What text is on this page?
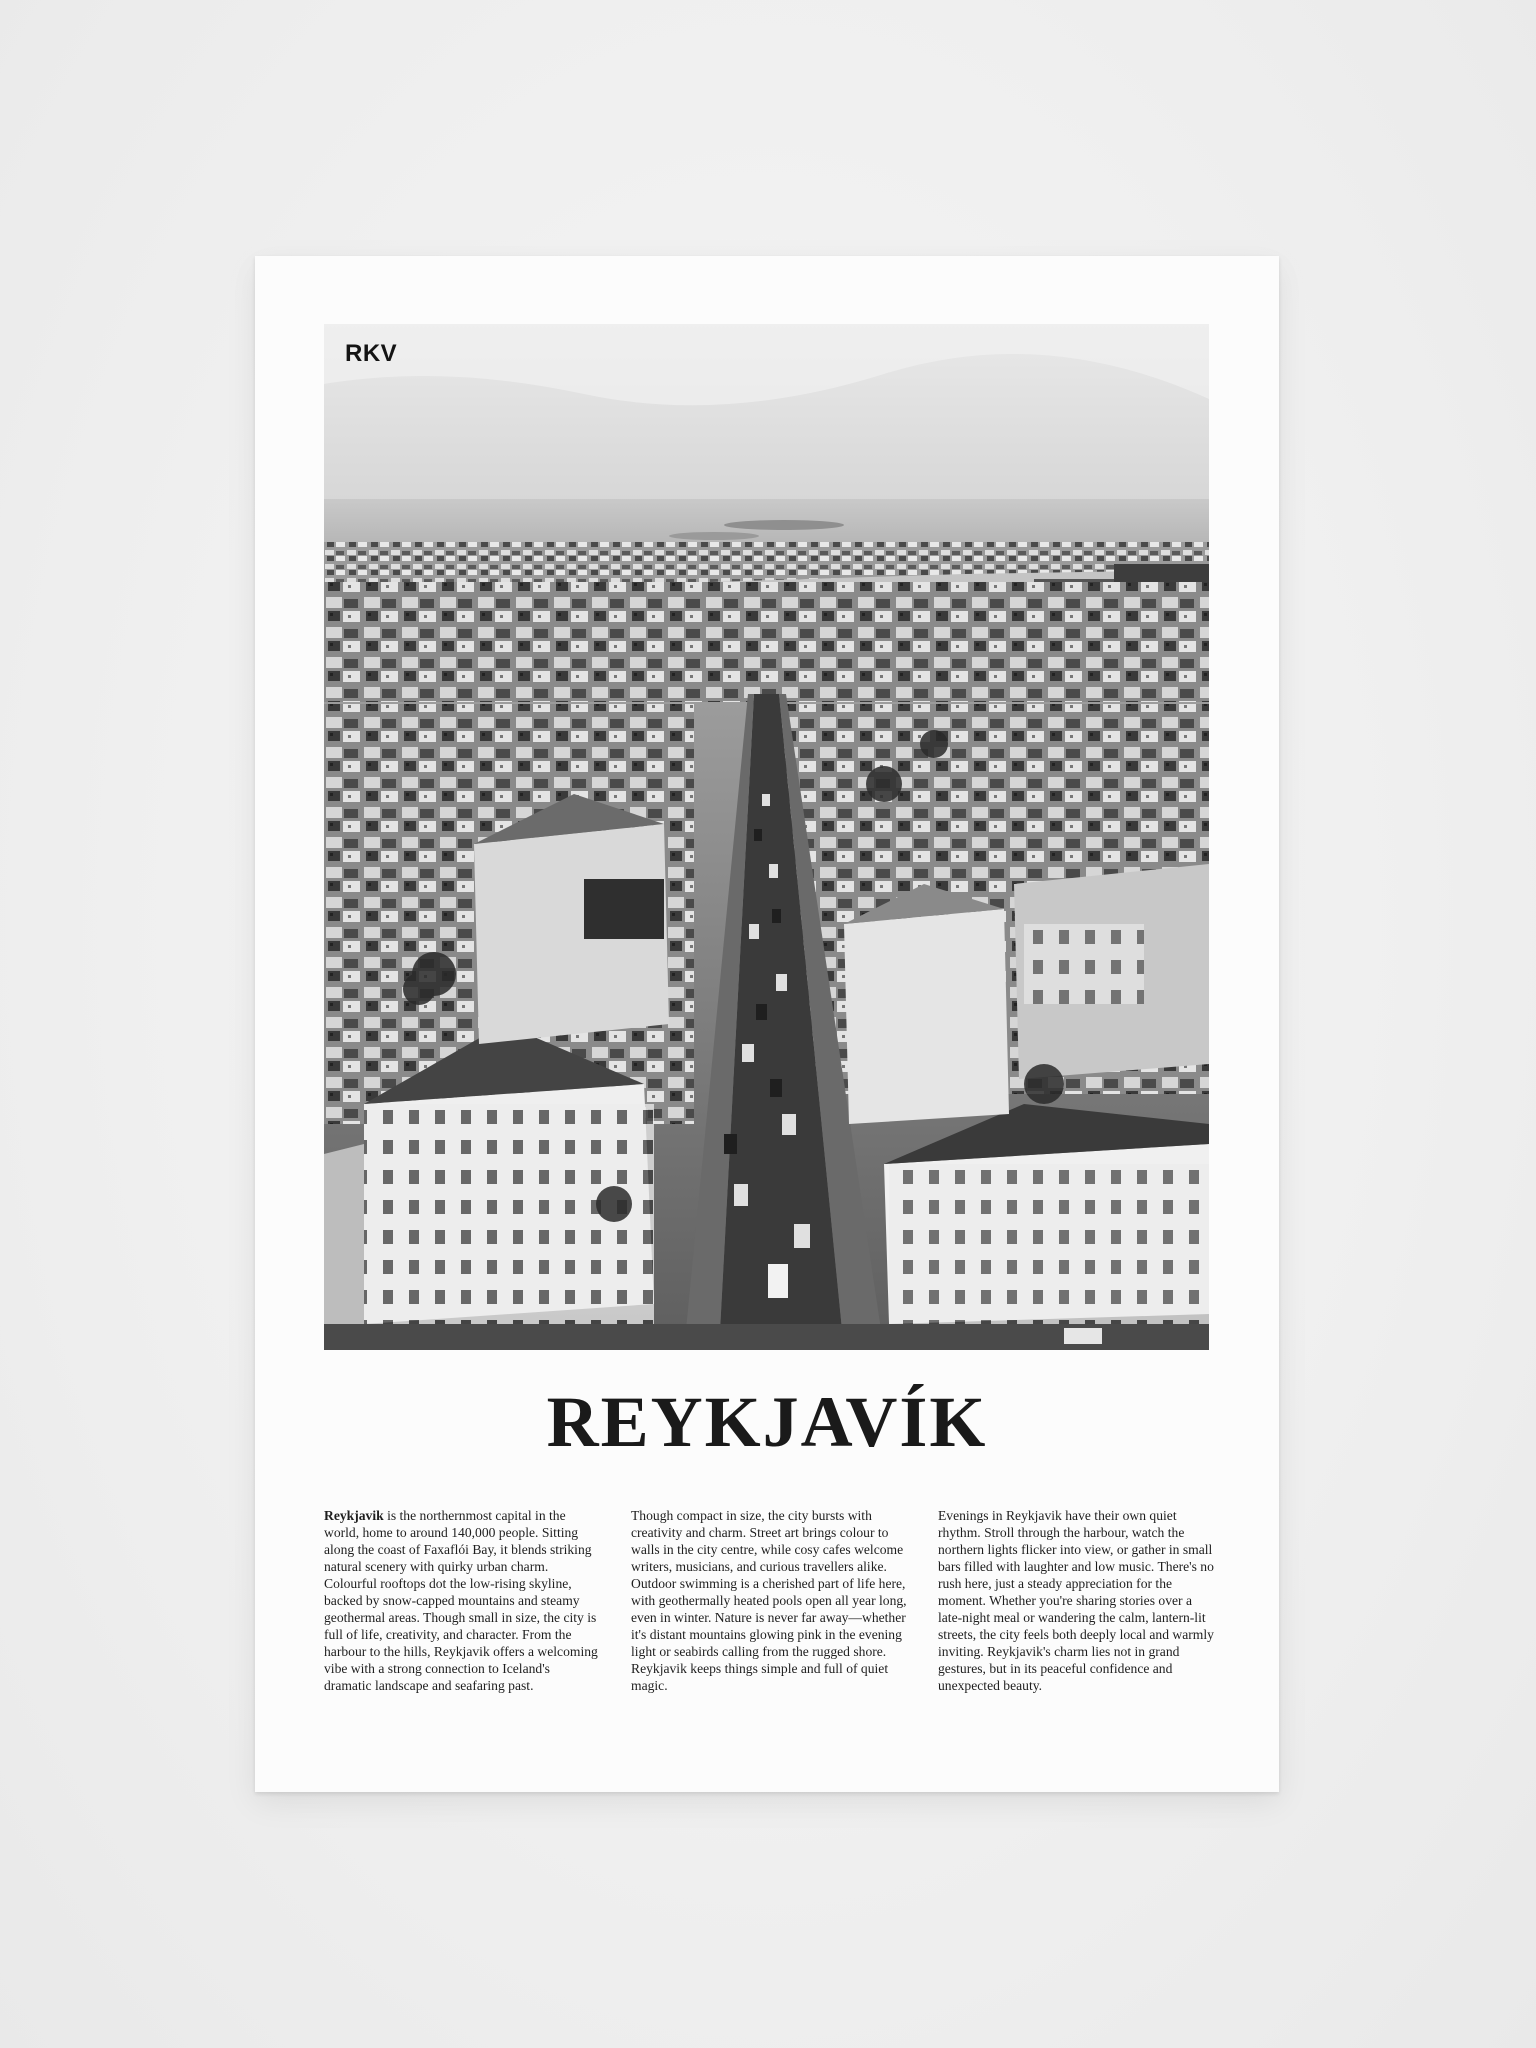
RKV
REYKJAVÍK
Reykjavik is the northernmost capital in the world, home to around 140,000 people. Sitting along the coast of Faxaflói Bay, it blends striking natural scenery with quirky urban charm. Colourful rooftops dot the low-rising skyline, backed by snow-capped mountains and steamy geothermal areas. Though small in size, the city is full of life, creativity, and character. From the harbour to the hills, Reykjavik offers a welcoming vibe with a strong connection to Iceland's dramatic landscape and seafaring past.
Though compact in size, the city bursts with creativity and charm. Street art brings colour to walls in the city centre, while cosy cafes welcome writers, musicians, and curious travellers alike. Outdoor swimming is a cherished part of life here, with geothermally heated pools open all year long, even in winter. Nature is never far away—whether it's distant mountains glowing pink in the evening light or seabirds calling from the rugged shore. Reykjavik keeps things simple and full of quiet magic.
Evenings in Reykjavik have their own quiet rhythm. Stroll through the harbour, watch the northern lights flicker into view, or gather in small bars filled with laughter and low music. There's no rush here, just a steady appreciation for the moment. Whether you're sharing stories over a late-night meal or wandering the calm, lantern-lit streets, the city feels both deeply local and warmly inviting. Reykjavik's charm lies not in grand gestures, but in its peaceful confidence and unexpected beauty.
